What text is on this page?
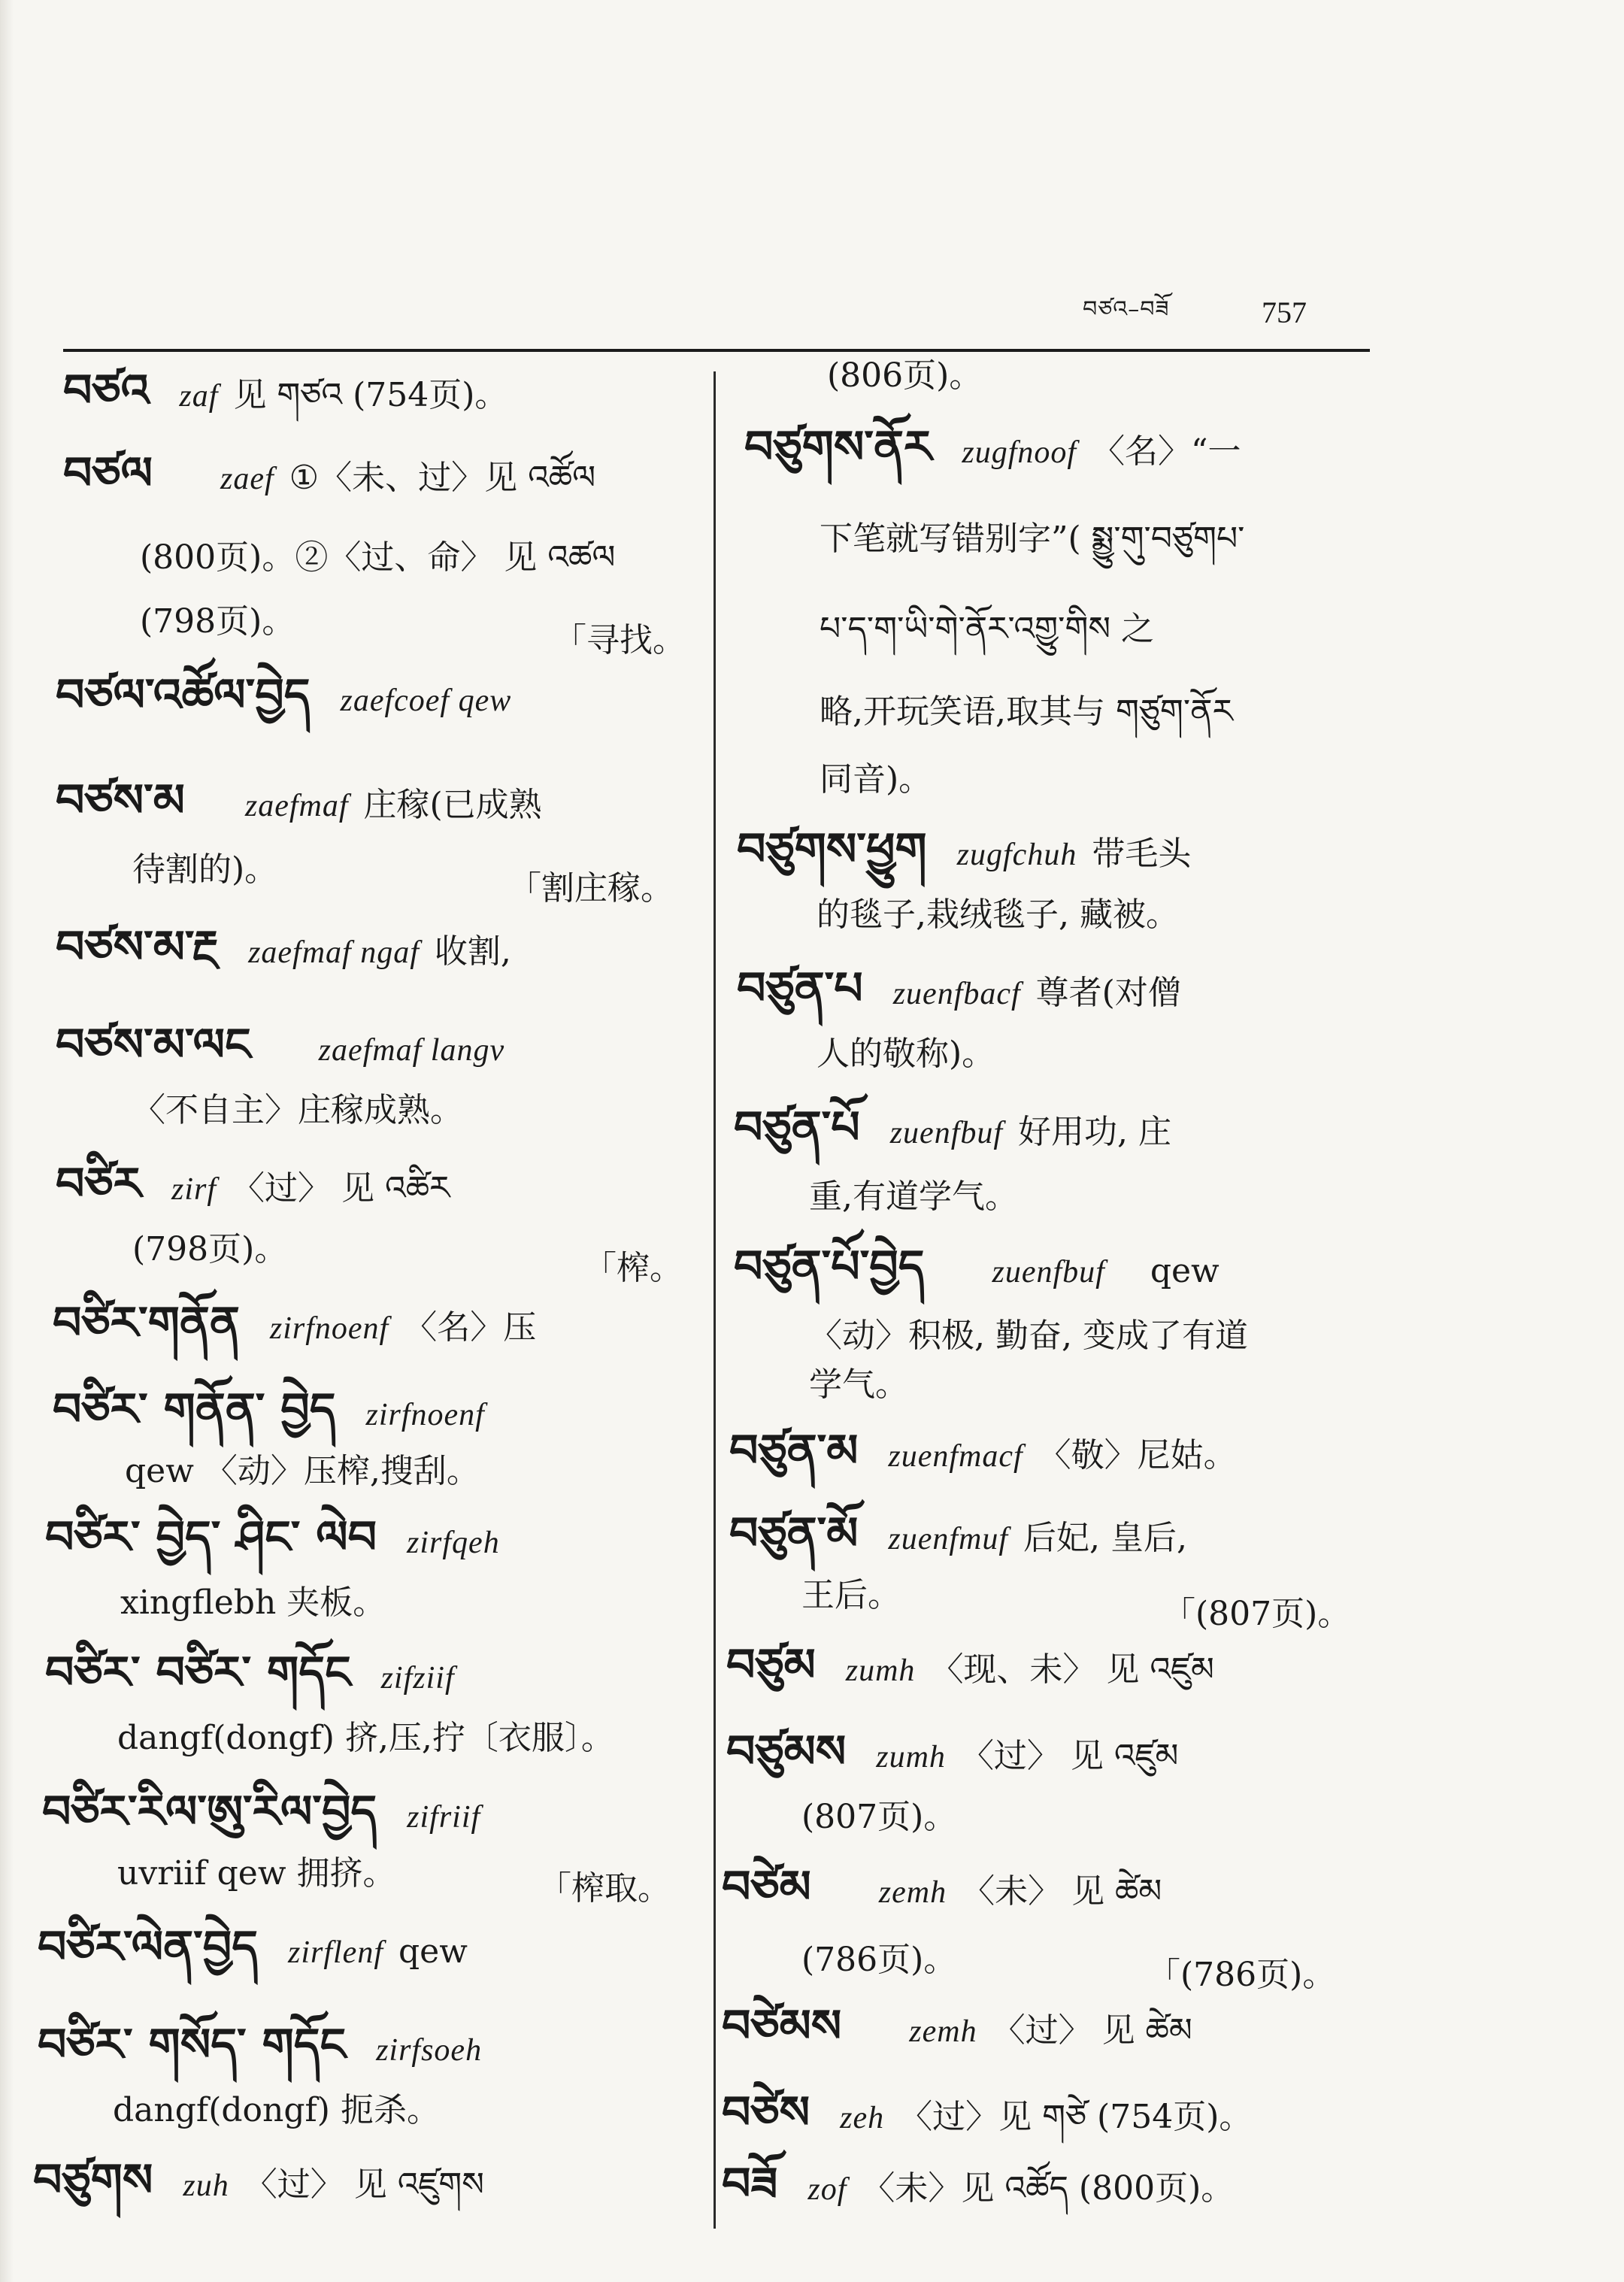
བཙའ–བཟོ	757
བཙའ zaf 见 གཙའ (754页)。
བཙལ zaef ①〈未、过〉见 འཚོལ
(800页)。②〈过、命〉 见 འཚལ
(798页)。	「寻找。
བཙལ་འཚོལ་བྱེད zaefcoef qew
བཙས་མ zaefmaf 庄稼(已成熟
待割的)。	「割庄稼。
བཙས་མ་རྔ zaefmaf ngaf 收割,
བཙས་མ་ལང zaefmaf langv
〈不自主〉庄稼成熟。
བཙིར zirf 〈过〉 见 འཚིར
(798页)。	「榨。
བཙིར་གནོན zirfnoenf 〈名〉压
བཙིར་ གནོན་ བྱེད zirfnoenf
qew 〈动〉压榨,搜刮。
བཙིར་ བྱེད་ ཤིང་ ལེབ zirfqeh
xingflebh 夹板。
བཙིར་ བཙིར་ གདོང zifziif
dangf(dongf) 挤,压,拧〔衣服〕。
བཙིར་རིལ་ཨུ་རིལ་བྱེད zifriif
uvriif qew 拥挤。	「榨取。
བཙིར་ལེན་བྱེད zirflenf qew
བཙིར་ གསོད་ གདོང zirfsoeh
dangf(dongf) 扼杀。
བཙུགས zuh 〈过〉 见 འཛུགས
(806页)。
བཙུགས་ནོར zugfnoof 〈名〉“一
下笔就写错别字”( སྨྱུ་གུ་བཙུགཔ་
པ་ད་ག་ཡི་གེ་ནོར་འགྱུ་གིས 之
略,开玩笑语,取其与 གཙུག་ནོར
同音)。
བཙུགས་ཕྱུག zugfchuh 带毛头
的毯子,栽绒毯子, 藏被。
བཙུན་པ zuenfbacf 尊者(对僧
人的敬称)。
བཙུན་པོ zuenfbuf 好用功, 庄
重,有道学气。
བཙུན་པོ་བྱེད zuenfbuf qew
〈动〉积极, 勤奋, 变成了有道
学气。
བཙུན་མ zuenfmacf 〈敬〉尼姑。
བཙུན་མོ zuenfmuf 后妃, 皇后,
王后。	「(807页)。
བཙུམ zumh 〈现、未〉 见 འཛུམ
བཙུམས zumh 〈过〉 见 འཛུམ
(807页)。
བཙེམ zemh 〈未〉 见 ཚེམ
(786页)。	「(786页)。
བཙེམས zemh 〈过〉 见 ཚེམ
བཙེས zeh 〈过〉见 གཙེ (754页)。
བཟོ zof 〈未〉见 འཚོད (800页)。
